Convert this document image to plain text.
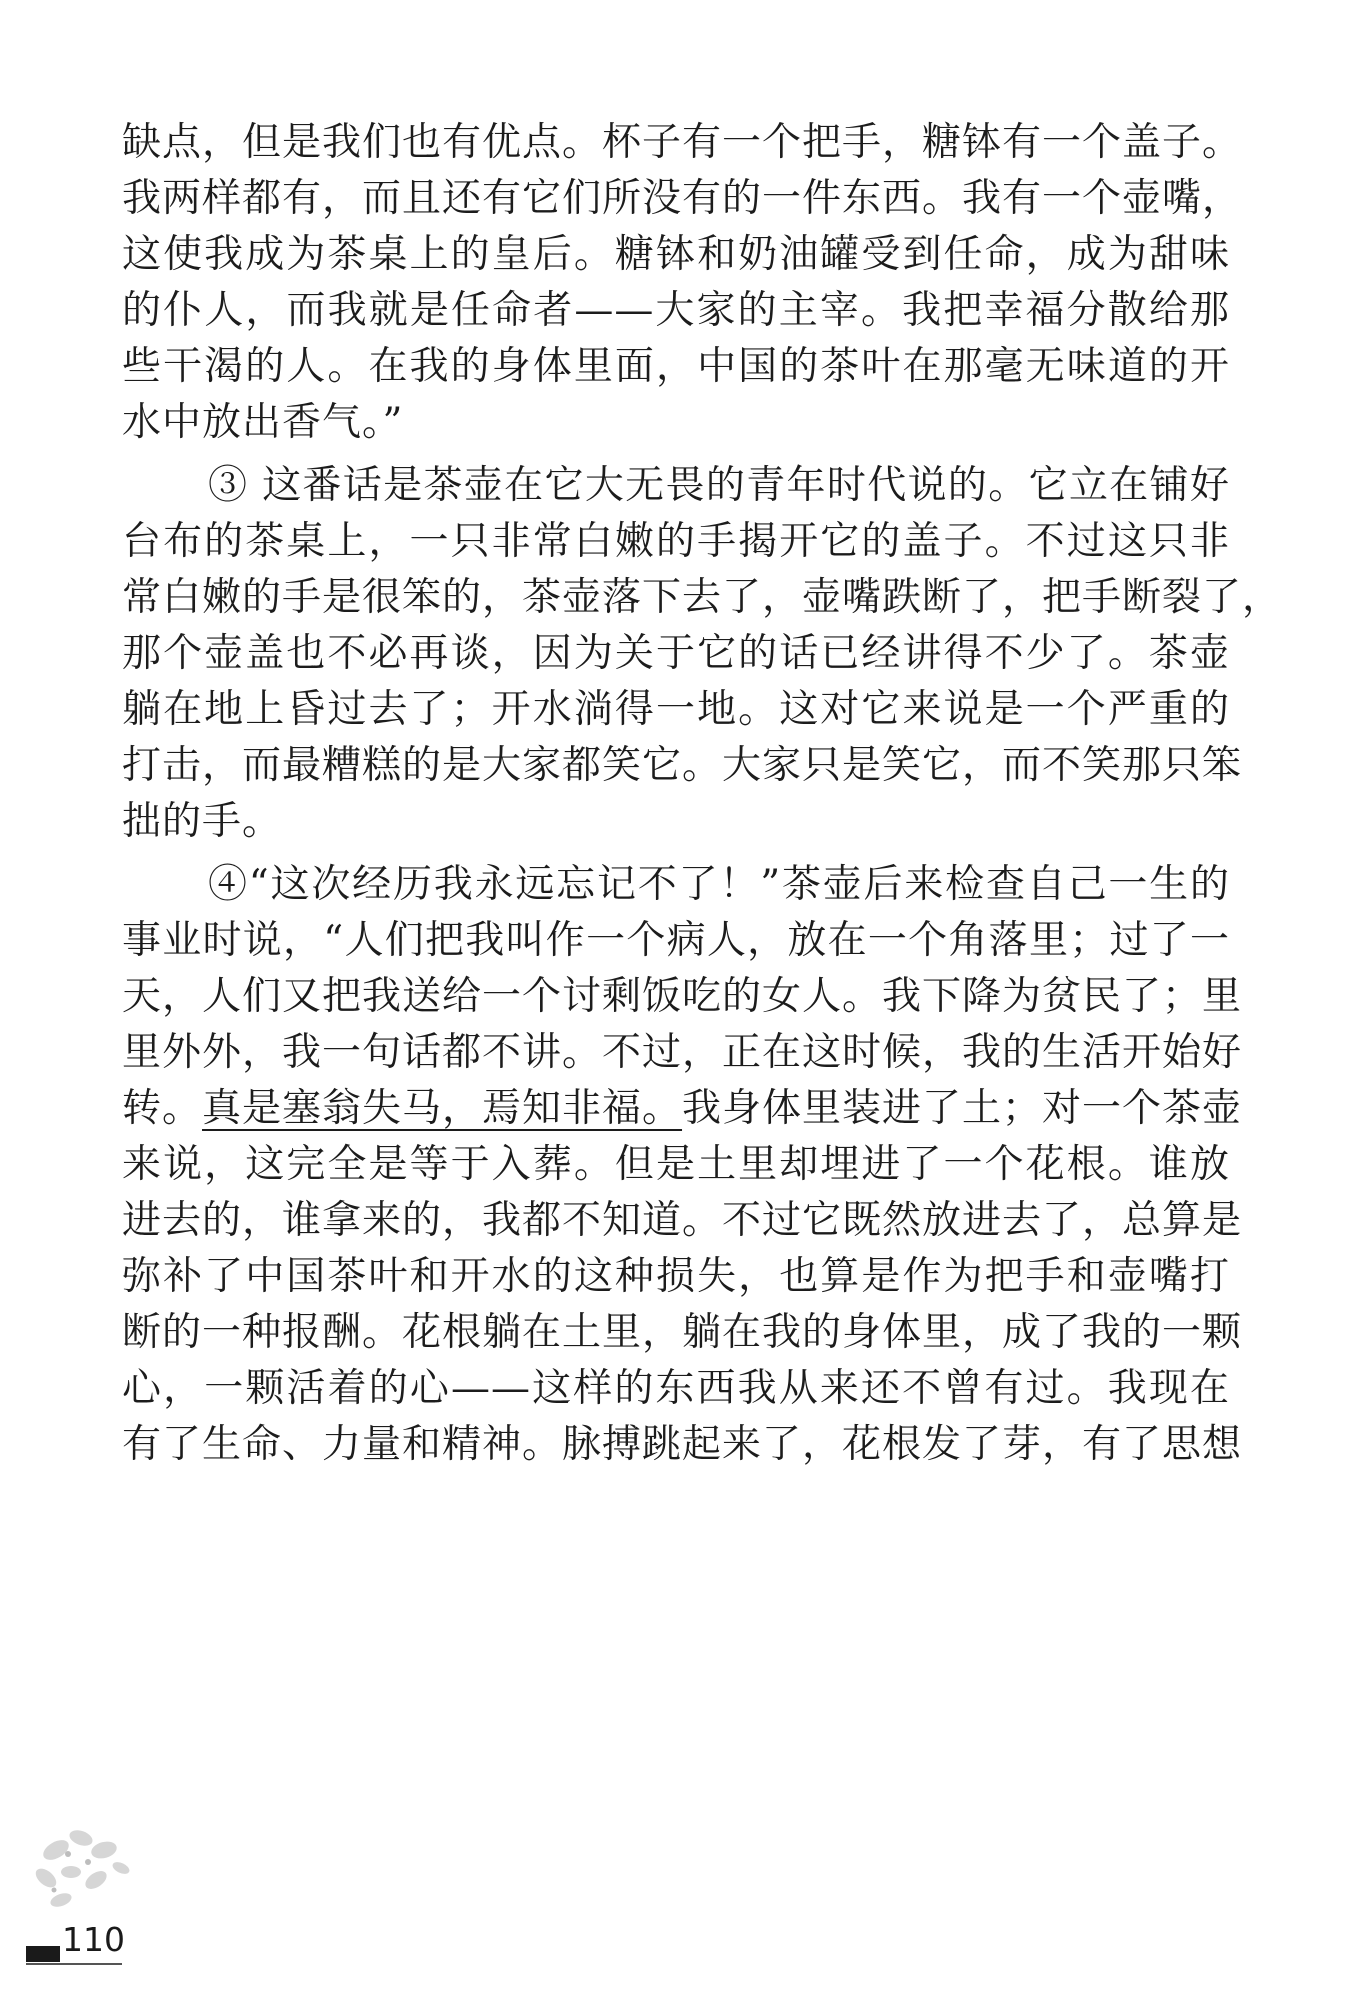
缺点，但是我们也有优点。杯子有一个把手，糖钵有一个盖子。
我两样都有，而且还有它们所没有的一件东西。我有一个壶嘴，
这使我成为茶桌上的皇后。糖钵和奶油罐受到任命，成为甜味
的仆人，而我就是任命者——大家的主宰。我把幸福分散给那
些干渴的人。在我的身体里面，中国的茶叶在那毫无味道的开
水中放出香气。”
③ 这番话是茶壶在它大无畏的青年时代说的。它立在铺好
台布的茶桌上，一只非常白嫩的手揭开它的盖子。不过这只非
常白嫩的手是很笨的，茶壶落下去了，壶嘴跌断了，把手断裂了，
那个壶盖也不必再谈，因为关于它的话已经讲得不少了。茶壶
躺在地上昏过去了；开水淌得一地。这对它来说是一个严重的
打击，而最糟糕的是大家都笑它。大家只是笑它，而不笑那只笨
拙的手。
④“这次经历我永远忘记不了！”茶壶后来检查自己一生的
事业时说，“人们把我叫作一个病人，放在一个角落里；过了一
天，人们又把我送给一个讨剩饭吃的女人。我下降为贫民了；里
里外外，我一句话都不讲。不过，正在这时候，我的生活开始好
转。真是塞翁失马，焉知非福。我身体里装进了土；对一个茶壶
来说，这完全是等于入葬。但是土里却埋进了一个花根。谁放
进去的，谁拿来的，我都不知道。不过它既然放进去了，总算是
弥补了中国茶叶和开水的这种损失，也算是作为把手和壶嘴打
断的一种报酬。花根躺在土里，躺在我的身体里，成了我的一颗
心，一颗活着的心——这样的东西我从来还不曾有过。我现在
有了生命、力量和精神。脉搏跳起来了，花根发了芽，有了思想
110
